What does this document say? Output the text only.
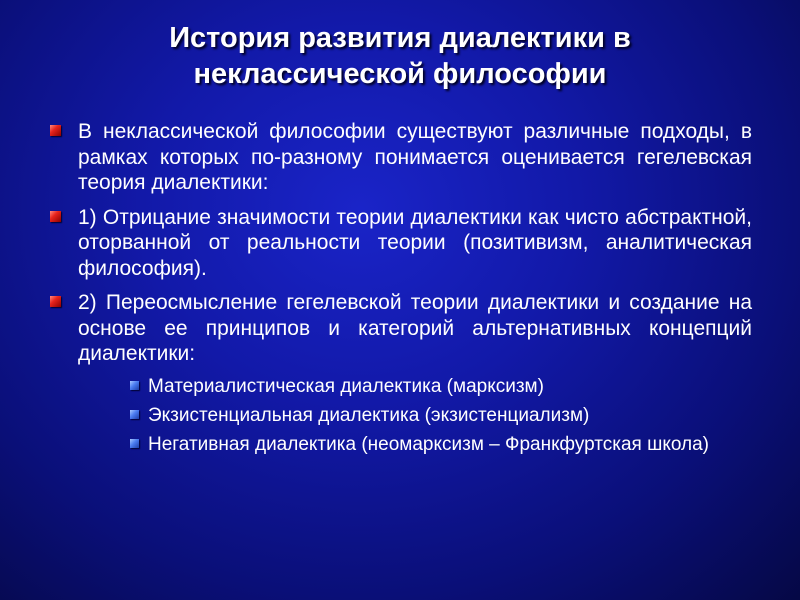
История развития диалектики в
неклассической философии
В неклассической философии существуют различные подходы, в рамках которых по-разному понимается оценивается гегелевская теория диалектики:
1) Отрицание значимости теории диалектики как чисто абстрактной, оторванной от реальности теории (позитивизм, аналитическая философия).
2) Переосмысление гегелевской теории диалектики и создание на основе ее принципов и категорий альтернативных концепций диалектики:
Материалистическая диалектика (марксизм)
Экзистенциальная диалектика (экзистенциализм)
Негативная диалектика (неомарксизм – Франкфуртская школа)
